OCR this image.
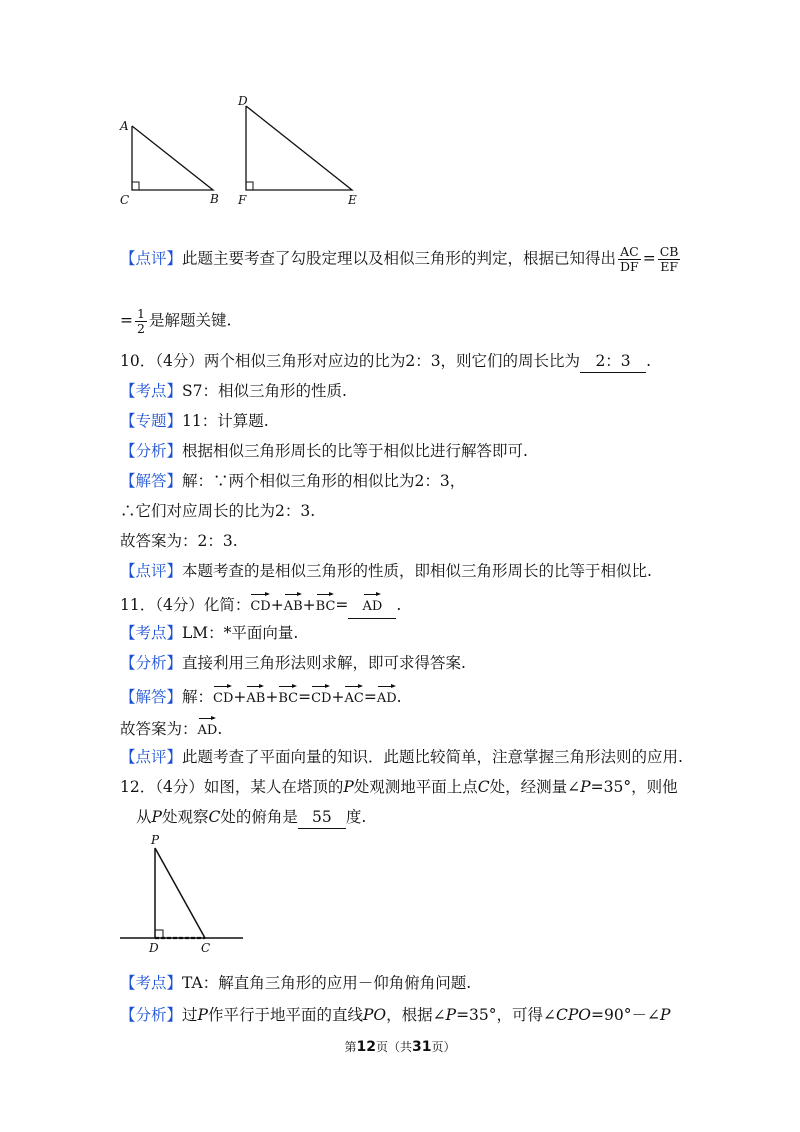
A
C	B
D
F	E
【点评】此题主要考查了勾股定理以及相似三角形的判定，根据已知得出 $\frac{AC}{DF} = \frac{CB}{EF}$
= $\frac{1}{2}$ 是解题关键.
10．（4分）两个相似三角形对应边的比为2：3，则它们的周长比为 2：3 .
【考点】S7：相似三角形的性质.
【专题】11：计算题.
【分析】根据相似三角形周长的比等于相似比进行解答即可.
【解答】解：∵两个相似三角形的相似比为2：3，
∴它们对应周长的比为2：3.
故答案为：2：3.
【点评】本题考查的是相似三角形的性质，即相似三角形周长的比等于相似比.
11．（4分）化简：CD+AB+BC= AD .
【考点】LM：*平面向量.
【分析】直接利用三角形法则求解，即可求得答案.
【解答】解：CD+AB+BC=CD+AC=AD.
故答案为：AD.
【点评】此题考查了平面向量的知识．此题比较简单，注意掌握三角形法则的应用.
12．（4分）如图，某人在塔顶的P处观测地平面上点C处，经测量∠P=35°，则他
从P处观察C处的俯角是 55 度.
P
D	C
【考点】TA：解直角三角形的应用－仰角俯角问题.
【分析】过P作平行于地平面的直线PO，根据∠P=35°，可得∠CPO=90°－∠P
第12页（共31页）
